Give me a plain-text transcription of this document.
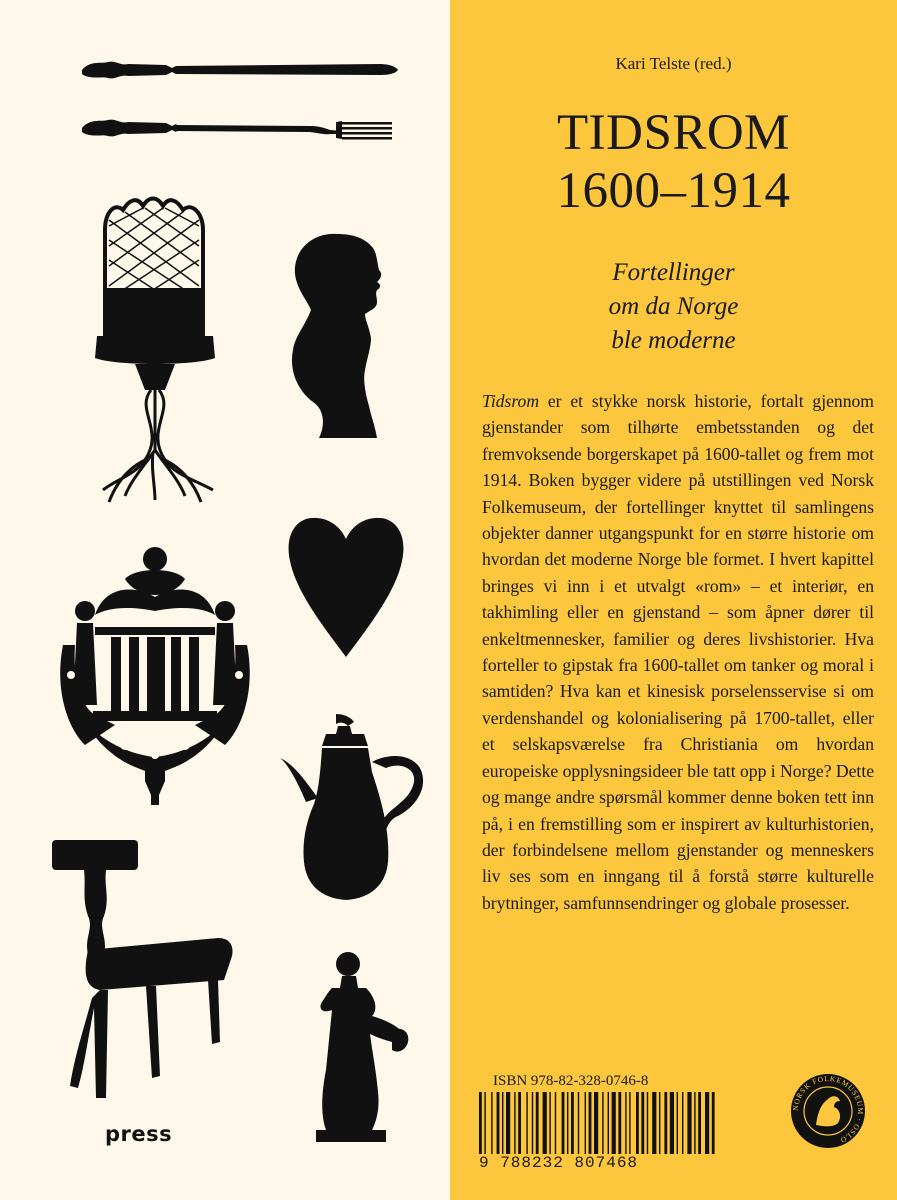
press
Kari Telste (red.)
TIDSROM
1600–1914
Fortellinger
om da Norge
ble moderne

Tidsrom er et stykke norsk historie, fortalt gjennom gjenstander som tilhørte embetsstanden og det fremvoksende borgerskapet på 1600-tallet og frem mot 1914. Boken bygger videre på utstillingen ved Norsk Folkemuseum, der fortellinger knyttet til samlingens objekter danner utgangspunkt for en større historie om hvordan det moderne Norge ble formet. I hvert kapittel bringes vi inn i et utvalgt «rom» – et interiør, en takhimling eller en gjenstand – som åpner dører til enkeltmennesker, familier og deres livshistorier. Hva forteller to gipstak fra 1600-tallet om tanker og moral i samtiden? Hva kan et kinesisk porselensservise si om verdenshandel og kolonialisering på 1700-tallet, eller et selskapsværelse fra Christiania om hvordan europeiske opplysningsideer ble tatt opp i Norge? Dette og mange andre spørsmål kommer denne boken tett inn på, i en fremstilling som er inspirert av kulturhistorien, der forbindelsene mellom gjenstander og menneskers liv ses som en inngang til å forstå større kulturelle brytninger, samfunnsendringer og globale prosesser.

ISBN 978-82-328-0746-8
9 788232 807468
NORSK FOLKEMUSEUM · OSLO
